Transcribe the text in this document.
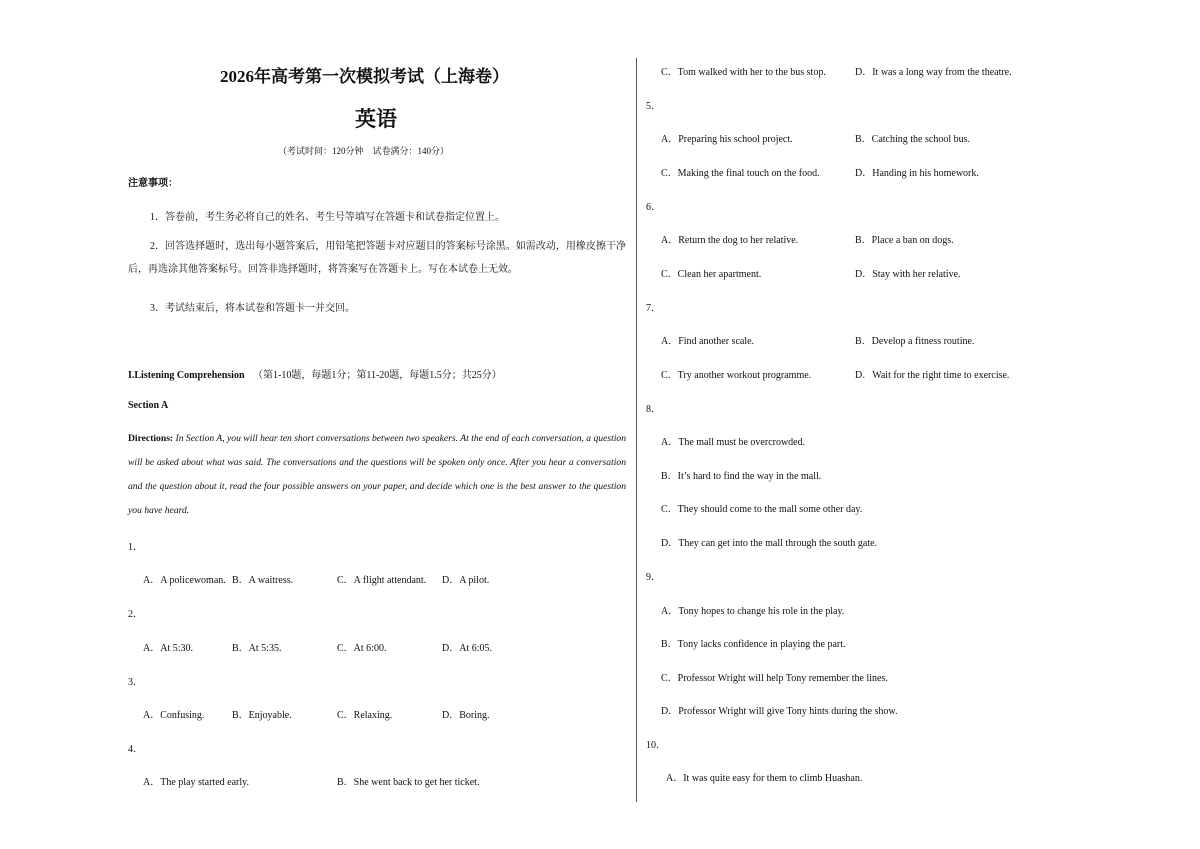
2026年高考第一次模拟考试（上海卷）
英语
（考试时间：120分钟　试卷满分：140分）
注意事项：
1．答卷前，考生务必将自己的姓名、考生号等填写在答题卡和试卷指定位置上。
2．回答选择题时，选出每小题答案后，用铅笔把答题卡对应题目的答案标号涂黑。如需改动，用橡皮擦干净后，再选涂其他答案标号。回答非选择题时，将答案写在答题卡上。写在本试卷上无效。
3．考试结束后，将本试卷和答题卡一并交回。
I.Listening Comprehension （第1-10题，每题1分；第11-20题，每题1.5分；共25分）
Section A
Directions: In Section A, you will hear ten short conversations between two speakers. At the end of each conversation, a question will be asked about what was said. The conversations and the questions will be spoken only once. After you hear a conversation and the question about it, read the four possible answers on your paper, and decide which one is the best answer to the question you have heard.
1．
A．A policewoman. B．A waitress.	C．A flight attendant. D．A pilot.
2．
A．At 5:30.	B．At 5:35.	C．At 6:00.	D．At 6:05.
3．
A．Confusing.	B．Enjoyable.	C．Relaxing.	D．Boring.
4．
A．The play started early.	B．She went back to get her ticket.
C．Tom walked with her to the bus stop.	D．It was a long way from the theatre.
5．
A．Preparing his school project.	B．Catching the school bus.
C．Making the final touch on the food.	D．Handing in his homework.
6．
A．Return the dog to her relative.	B．Place a ban on dogs.
C．Clean her apartment.	D．Stay with her relative.
7．
A．Find another scale.	B．Develop a fitness routine.
C．Try another workout programme.	D．Wait for the right time to exercise.
8．
A．The mall must be overcrowded.
B．It’s hard to find the way in the mall.
C．They should come to the mall some other day.
D．They can get into the mall through the south gate.
9．
A．Tony hopes to change his role in the play.
B．Tony lacks confidence in playing the part.
C．Professor Wright will help Tony remember the lines.
D．Professor Wright will give Tony hints during the show.
10．
A．It was quite easy for them to climb Huashan.
